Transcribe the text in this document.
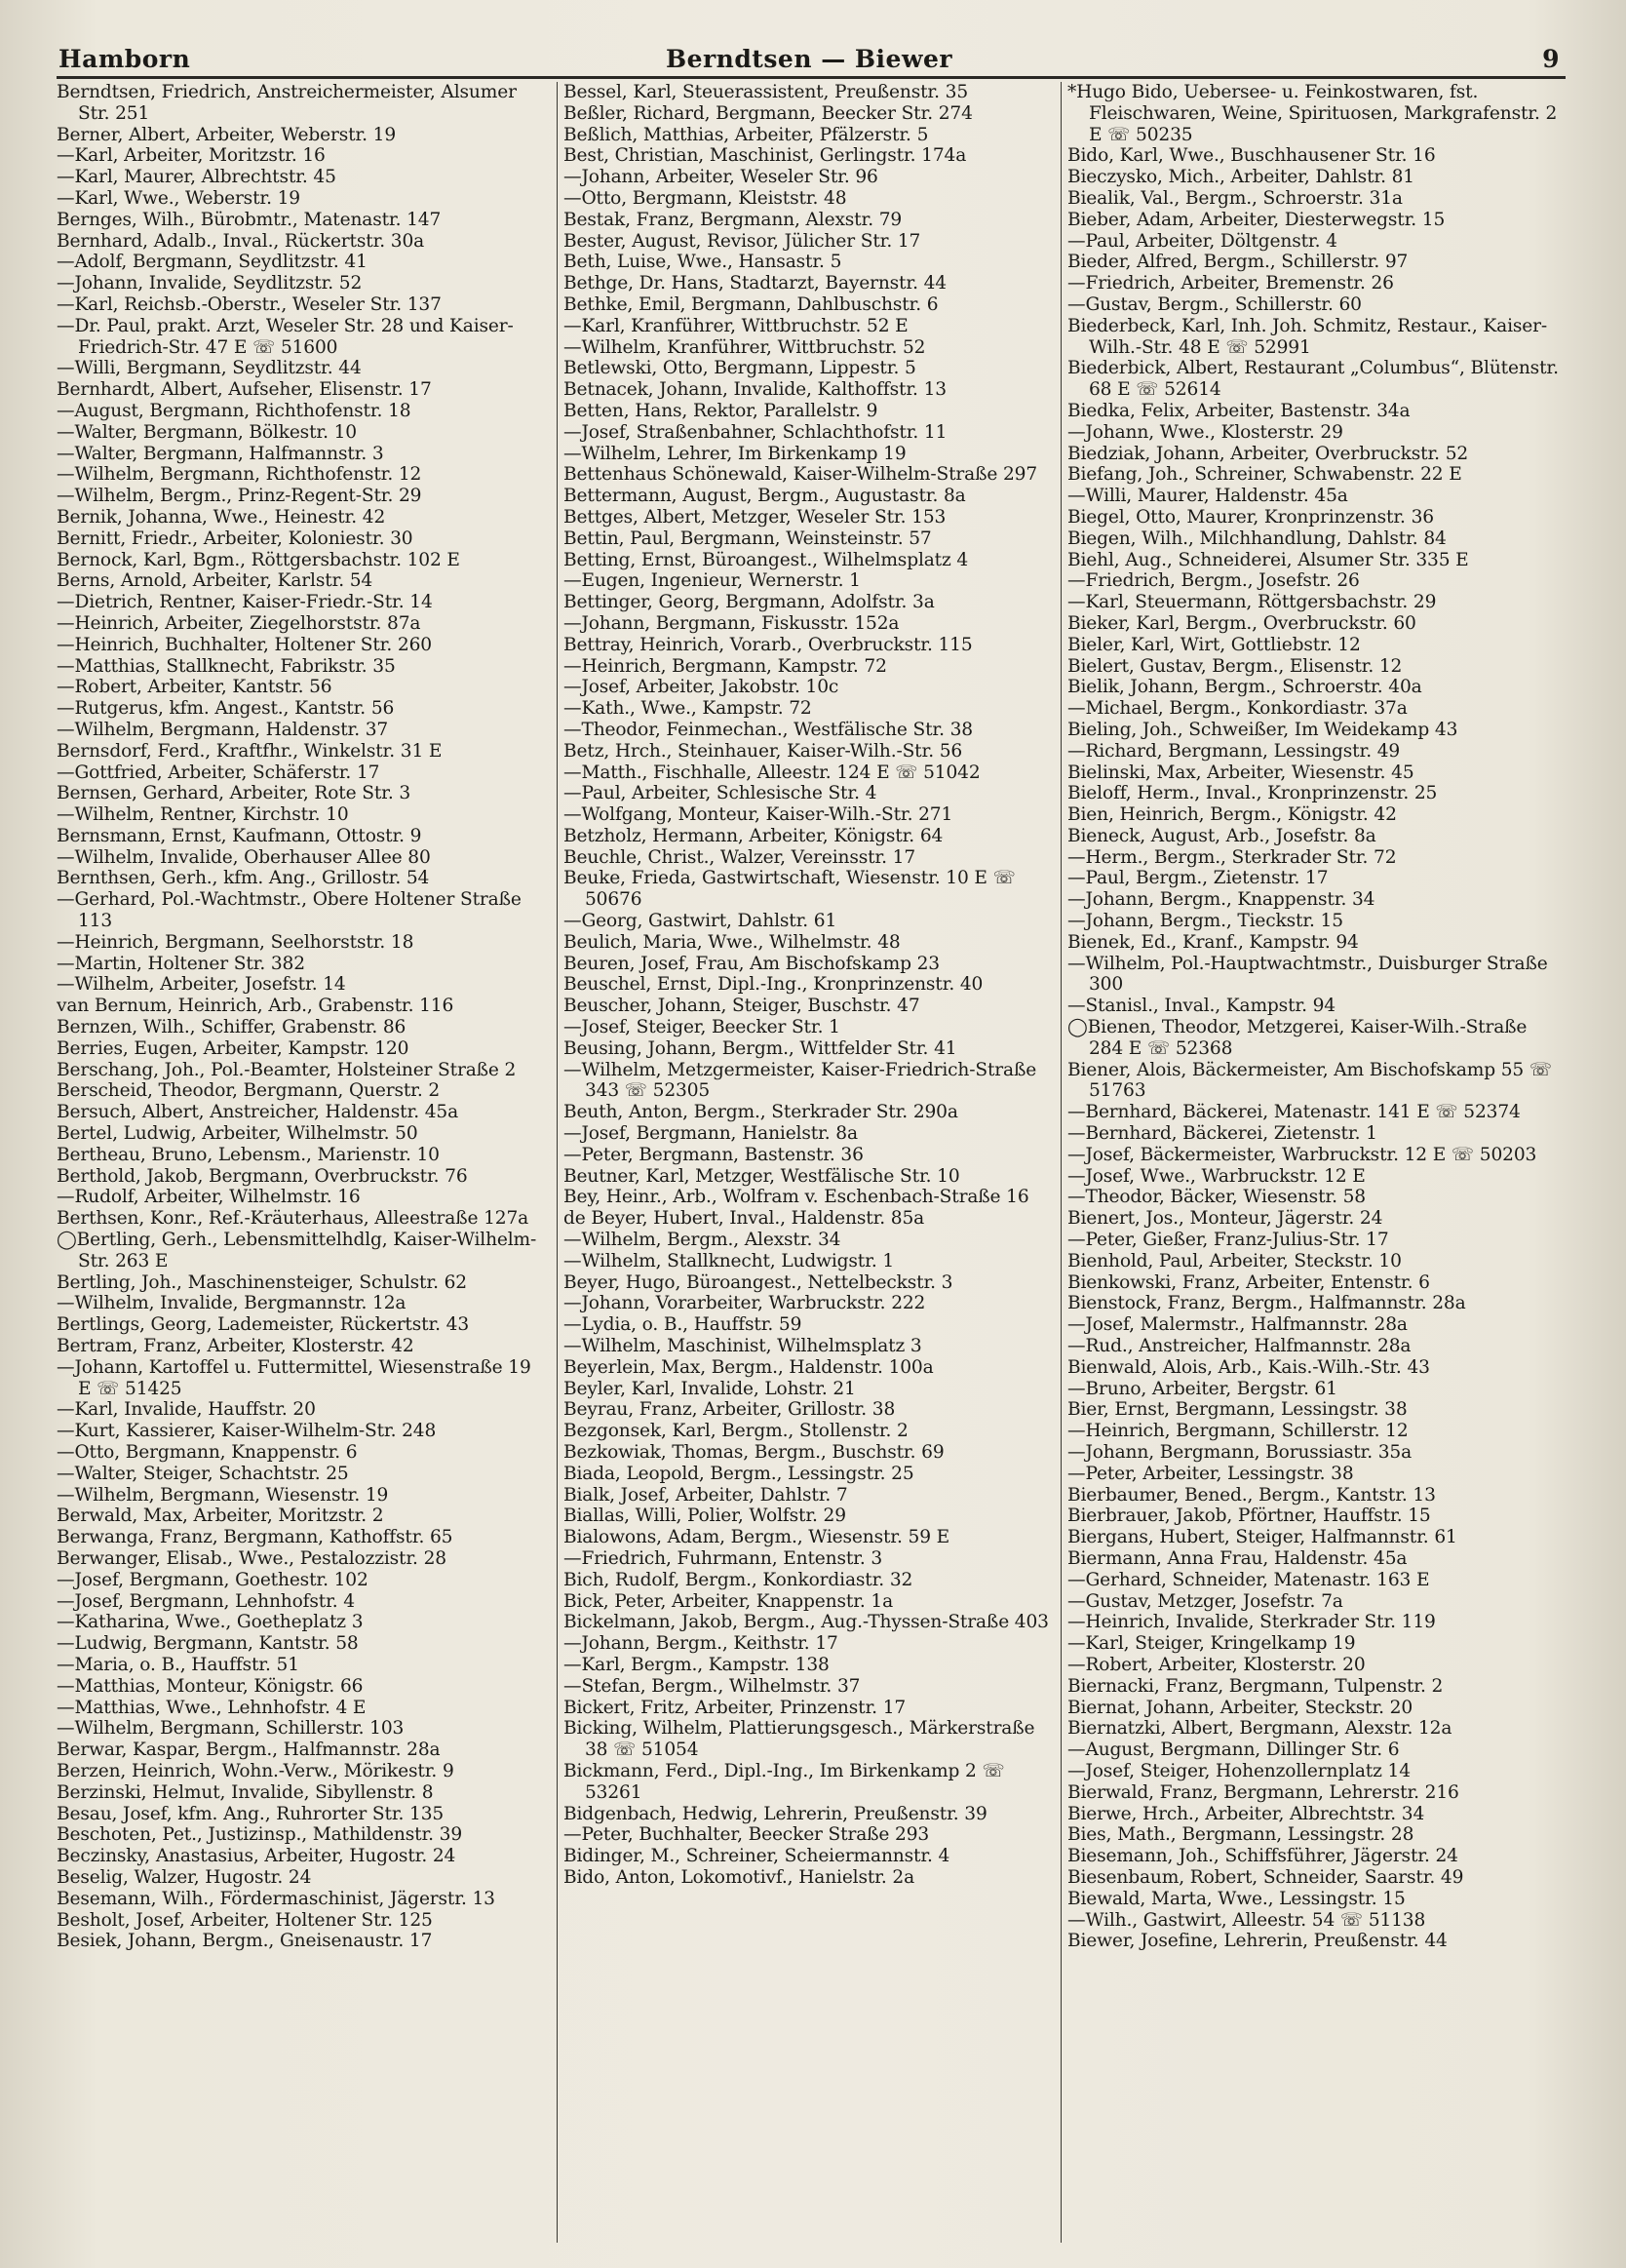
Hamborn	Berndtsen — Biewer	9

Berndtsen, Friedrich, Anstreichermeister, Alsumer Str. 251

Berner, Albert, Arbeiter, Weberstr. 19

—Karl, Arbeiter, Moritzstr. 16

—Karl, Maurer, Albrechtstr. 45

—Karl, Wwe., Weberstr. 19

Bernges, Wilh., Bürobmtr., Matenastr. 147

Bernhard, Adalb., Inval., Rückertstr. 30a

—Adolf, Bergmann, Seydlitzstr. 41

—Johann, Invalide, Seydlitzstr. 52

—Karl, Reichsb.-Oberstr., Weseler Str. 137

—Dr. Paul, prakt. Arzt, Weseler Str. 28 und Kaiser-Friedrich-Str. 47 E ☏ 51600

—Willi, Bergmann, Seydlitzstr. 44

Bernhardt, Albert, Aufseher, Elisenstr. 17

—August, Bergmann, Richthofenstr. 18

—Walter, Bergmann, Bölkestr. 10

—Walter, Bergmann, Halfmannstr. 3

—Wilhelm, Bergmann, Richthofenstr. 12

—Wilhelm, Bergm., Prinz-Regent-Str. 29

Bernik, Johanna, Wwe., Heinestr. 42

Bernitt, Friedr., Arbeiter, Koloniestr. 30

Bernock, Karl, Bgm., Röttgersbachstr. 102 E

Berns, Arnold, Arbeiter, Karlstr. 54

—Dietrich, Rentner, Kaiser-Friedr.-Str. 14

—Heinrich, Arbeiter, Ziegelhorststr. 87a

—Heinrich, Buchhalter, Holtener Str. 260

—Matthias, Stallknecht, Fabrikstr. 35

—Robert, Arbeiter, Kantstr. 56

—Rutgerus, kfm. Angest., Kantstr. 56

—Wilhelm, Bergmann, Haldenstr. 37

Bernsdorf, Ferd., Kraftfhr., Winkelstr. 31 E

—Gottfried, Arbeiter, Schäferstr. 17

Bernsen, Gerhard, Arbeiter, Rote Str. 3

—Wilhelm, Rentner, Kirchstr. 10

Bernsmann, Ernst, Kaufmann, Ottostr. 9

—Wilhelm, Invalide, Oberhauser Allee 80

Bernthsen, Gerh., kfm. Ang., Grillostr. 54

—Gerhard, Pol.-Wachtmstr., Obere Holtener Straße 113

—Heinrich, Bergmann, Seelhorststr. 18

—Martin, Holtener Str. 382

—Wilhelm, Arbeiter, Josefstr. 14

van Bernum, Heinrich, Arb., Grabenstr. 116

Bernzen, Wilh., Schiffer, Grabenstr. 86

Berries, Eugen, Arbeiter, Kampstr. 120

Berschang, Joh., Pol.-Beamter, Holsteiner Straße 2

Berscheid, Theodor, Bergmann, Querstr. 2

Bersuch, Albert, Anstreicher, Haldenstr. 45a

Bertel, Ludwig, Arbeiter, Wilhelmstr. 50

Bertheau, Bruno, Lebensm., Marienstr. 10

Berthold, Jakob, Bergmann, Overbruckstr. 76

—Rudolf, Arbeiter, Wilhelmstr. 16

Berthsen, Konr., Ref.-Kräuterhaus, Alleestraße 127a

◯Bertling, Gerh., Lebensmittelhdlg, Kaiser-Wilhelm-Str. 263 E

Bertling, Joh., Maschinensteiger, Schulstr. 62

—Wilhelm, Invalide, Bergmannstr. 12a

Bertlings, Georg, Lademeister, Rückertstr. 43

Bertram, Franz, Arbeiter, Klosterstr. 42

—Johann, Kartoffel u. Futtermittel, Wiesenstraße 19 E ☏ 51425

—Karl, Invalide, Hauffstr. 20

—Kurt, Kassierer, Kaiser-Wilhelm-Str. 248

—Otto, Bergmann, Knappenstr. 6

—Walter, Steiger, Schachtstr. 25

—Wilhelm, Bergmann, Wiesenstr. 19

Berwald, Max, Arbeiter, Moritzstr. 2

Berwanga, Franz, Bergmann, Kathoffstr. 65

Berwanger, Elisab., Wwe., Pestalozzistr. 28

—Josef, Bergmann, Goethestr. 102

—Josef, Bergmann, Lehnhofstr. 4

—Katharina, Wwe., Goetheplatz 3

—Ludwig, Bergmann, Kantstr. 58

—Maria, o. B., Hauffstr. 51

—Matthias, Monteur, Königstr. 66

—Matthias, Wwe., Lehnhofstr. 4 E

—Wilhelm, Bergmann, Schillerstr. 103

Berwar, Kaspar, Bergm., Halfmannstr. 28a

Berzen, Heinrich, Wohn.-Verw., Mörikestr. 9

Berzinski, Helmut, Invalide, Sibyllenstr. 8

Besau, Josef, kfm. Ang., Ruhrorter Str. 135

Beschoten, Pet., Justizinsp., Mathildenstr. 39

Beczinsky, Anastasius, Arbeiter, Hugostr. 24

Beselig, Walzer, Hugostr. 24

Besemann, Wilh., Fördermaschinist, Jägerstr. 13

Besholt, Josef, Arbeiter, Holtener Str. 125

Besiek, Johann, Bergm., Gneisenaustr. 17

Bessel, Karl, Steuerassistent, Preußenstr. 35

Beßler, Richard, Bergmann, Beecker Str. 274

Beßlich, Matthias, Arbeiter, Pfälzerstr. 5

Best, Christian, Maschinist, Gerlingstr. 174a

—Johann, Arbeiter, Weseler Str. 96

—Otto, Bergmann, Kleiststr. 48

Bestak, Franz, Bergmann, Alexstr. 79

Bester, August, Revisor, Jülicher Str. 17

Beth, Luise, Wwe., Hansastr. 5

Bethge, Dr. Hans, Stadtarzt, Bayernstr. 44

Bethke, Emil, Bergmann, Dahlbuschstr. 6

—Karl, Kranführer, Wittbruchstr. 52 E

—Wilhelm, Kranführer, Wittbruchstr. 52

Betlewski, Otto, Bergmann, Lippestr. 5

Betnacek, Johann, Invalide, Kalthoffstr. 13

Betten, Hans, Rektor, Parallelstr. 9

—Josef, Straßenbahner, Schlachthofstr. 11

—Wilhelm, Lehrer, Im Birkenkamp 19

Bettenhaus Schönewald, Kaiser-Wilhelm-Straße 297

Bettermann, August, Bergm., Augustastr. 8a

Bettges, Albert, Metzger, Weseler Str. 153

Bettin, Paul, Bergmann, Weinsteinstr. 57

Betting, Ernst, Büroangest., Wilhelmsplatz 4

—Eugen, Ingenieur, Wernerstr. 1

Bettinger, Georg, Bergmann, Adolfstr. 3a

—Johann, Bergmann, Fiskusstr. 152a

Bettray, Heinrich, Vorarb., Overbruckstr. 115

—Heinrich, Bergmann, Kampstr. 72

—Josef, Arbeiter, Jakobstr. 10c

—Kath., Wwe., Kampstr. 72

—Theodor, Feinmechan., Westfälische Str. 38

Betz, Hrch., Steinhauer, Kaiser-Wilh.-Str. 56

—Matth., Fischhalle, Alleestr. 124 E ☏ 51042

—Paul, Arbeiter, Schlesische Str. 4

—Wolfgang, Monteur, Kaiser-Wilh.-Str. 271

Betzholz, Hermann, Arbeiter, Königstr. 64

Beuchle, Christ., Walzer, Vereinsstr. 17

Beuke, Frieda, Gastwirtschaft, Wiesenstr. 10 E ☏ 50676

—Georg, Gastwirt, Dahlstr. 61

Beulich, Maria, Wwe., Wilhelmstr. 48

Beuren, Josef, Frau, Am Bischofskamp 23

Beuschel, Ernst, Dipl.-Ing., Kronprinzenstr. 40

Beuscher, Johann, Steiger, Buschstr. 47

—Josef, Steiger, Beecker Str. 1

Beusing, Johann, Bergm., Wittfelder Str. 41

—Wilhelm, Metzgermeister, Kaiser-Friedrich-Straße 343 ☏ 52305

Beuth, Anton, Bergm., Sterkrader Str. 290a

—Josef, Bergmann, Hanielstr. 8a

—Peter, Bergmann, Bastenstr. 36

Beutner, Karl, Metzger, Westfälische Str. 10

Bey, Heinr., Arb., Wolfram v. Eschenbach-Straße 16

de Beyer, Hubert, Inval., Haldenstr. 85a

—Wilhelm, Bergm., Alexstr. 34

—Wilhelm, Stallknecht, Ludwigstr. 1

Beyer, Hugo, Büroangest., Nettelbeckstr. 3

—Johann, Vorarbeiter, Warbruckstr. 222

—Lydia, o. B., Hauffstr. 59

—Wilhelm, Maschinist, Wilhelmsplatz 3

Beyerlein, Max, Bergm., Haldenstr. 100a

Beyler, Karl, Invalide, Lohstr. 21

Beyrau, Franz, Arbeiter, Grillostr. 38

Bezgonsek, Karl, Bergm., Stollenstr. 2

Bezkowiak, Thomas, Bergm., Buschstr. 69

Biada, Leopold, Bergm., Lessingstr. 25

Bialk, Josef, Arbeiter, Dahlstr. 7

Biallas, Willi, Polier, Wolfstr. 29

Bialowons, Adam, Bergm., Wiesenstr. 59 E

—Friedrich, Fuhrmann, Entenstr. 3

Bich, Rudolf, Bergm., Konkordiastr. 32

Bick, Peter, Arbeiter, Knappenstr. 1a

Bickelmann, Jakob, Bergm., Aug.-Thyssen-Straße 403

—Johann, Bergm., Keithstr. 17

—Karl, Bergm., Kampstr. 138

—Stefan, Bergm., Wilhelmstr. 37

Bickert, Fritz, Arbeiter, Prinzenstr. 17

Bicking, Wilhelm, Plattierungsgesch., Märkerstraße 38 ☏ 51054

Bickmann, Ferd., Dipl.-Ing., Im Birkenkamp 2 ☏ 53261

Bidgenbach, Hedwig, Lehrerin, Preußenstr. 39

—Peter, Buchhalter, Beecker Straße 293

Bidinger, M., Schreiner, Scheiermannstr. 4

Bido, Anton, Lokomotivf., Hanielstr. 2a

*Hugo Bido, Uebersee- u. Feinkostwaren, fst. Fleischwaren, Weine, Spirituosen, Markgrafenstr. 2 E ☏ 50235

Bido, Karl, Wwe., Buschhausener Str. 16

Bieczysko, Mich., Arbeiter, Dahlstr. 81

Biealik, Val., Bergm., Schroerstr. 31a

Bieber, Adam, Arbeiter, Diesterwegstr. 15

—Paul, Arbeiter, Döltgenstr. 4

Bieder, Alfred, Bergm., Schillerstr. 97

—Friedrich, Arbeiter, Bremenstr. 26

—Gustav, Bergm., Schillerstr. 60

Biederbeck, Karl, Inh. Joh. Schmitz, Restaur., Kaiser-Wilh.-Str. 48 E ☏ 52991

Biederbick, Albert, Restaurant „Columbus“, Blütenstr. 68 E ☏ 52614

Biedka, Felix, Arbeiter, Bastenstr. 34a

—Johann, Wwe., Klosterstr. 29

Biedziak, Johann, Arbeiter, Overbruckstr. 52

Biefang, Joh., Schreiner, Schwabenstr. 22 E

—Willi, Maurer, Haldenstr. 45a

Biegel, Otto, Maurer, Kronprinzenstr. 36

Biegen, Wilh., Milchhandlung, Dahlstr. 84

Biehl, Aug., Schneiderei, Alsumer Str. 335 E

—Friedrich, Bergm., Josefstr. 26

—Karl, Steuermann, Röttgersbachstr. 29

Bieker, Karl, Bergm., Overbruckstr. 60

Bieler, Karl, Wirt, Gottliebstr. 12

Bielert, Gustav, Bergm., Elisenstr. 12

Bielik, Johann, Bergm., Schroerstr. 40a

—Michael, Bergm., Konkordiastr. 37a

Bieling, Joh., Schweißer, Im Weidekamp 43

—Richard, Bergmann, Lessingstr. 49

Bielinski, Max, Arbeiter, Wiesenstr. 45

Bieloff, Herm., Inval., Kronprinzenstr. 25

Bien, Heinrich, Bergm., Königstr. 42

Bieneck, August, Arb., Josefstr. 8a

—Herm., Bergm., Sterkrader Str. 72

—Paul, Bergm., Zietenstr. 17

—Johann, Bergm., Knappenstr. 34

—Johann, Bergm., Tieckstr. 15

Bienek, Ed., Kranf., Kampstr. 94

—Wilhelm, Pol.-Hauptwachtmstr., Duisburger Straße 300

—Stanisl., Inval., Kampstr. 94

◯Bienen, Theodor, Metzgerei, Kaiser-Wilh.-Straße 284 E ☏ 52368

Biener, Alois, Bäckermeister, Am Bischofskamp 55 ☏ 51763

—Bernhard, Bäckerei, Matenastr. 141 E ☏ 52374

—Bernhard, Bäckerei, Zietenstr. 1

—Josef, Bäckermeister, Warbruckstr. 12 E ☏ 50203

—Josef, Wwe., Warbruckstr. 12 E

—Theodor, Bäcker, Wiesenstr. 58

Bienert, Jos., Monteur, Jägerstr. 24

—Peter, Gießer, Franz-Julius-Str. 17

Bienhold, Paul, Arbeiter, Steckstr. 10

Bienkowski, Franz, Arbeiter, Entenstr. 6

Bienstock, Franz, Bergm., Halfmannstr. 28a

—Josef, Malermstr., Halfmannstr. 28a

—Rud., Anstreicher, Halfmannstr. 28a

Bienwald, Alois, Arb., Kais.-Wilh.-Str. 43

—Bruno, Arbeiter, Bergstr. 61

Bier, Ernst, Bergmann, Lessingstr. 38

—Heinrich, Bergmann, Schillerstr. 12

—Johann, Bergmann, Borussiastr. 35a

—Peter, Arbeiter, Lessingstr. 38

Bierbaumer, Bened., Bergm., Kantstr. 13

Bierbrauer, Jakob, Pförtner, Hauffstr. 15

Biergans, Hubert, Steiger, Halfmannstr. 61

Biermann, Anna Frau, Haldenstr. 45a

—Gerhard, Schneider, Matenastr. 163 E

—Gustav, Metzger, Josefstr. 7a

—Heinrich, Invalide, Sterkrader Str. 119

—Karl, Steiger, Kringelkamp 19

—Robert, Arbeiter, Klosterstr. 20

Biernacki, Franz, Bergmann, Tulpenstr. 2

Biernat, Johann, Arbeiter, Steckstr. 20

Biernatzki, Albert, Bergmann, Alexstr. 12a

—August, Bergmann, Dillinger Str. 6

—Josef, Steiger, Hohenzollernplatz 14

Bierwald, Franz, Bergmann, Lehrerstr. 216

Bierwe, Hrch., Arbeiter, Albrechtstr. 34

Bies, Math., Bergmann, Lessingstr. 28

Biesemann, Joh., Schiffsführer, Jägerstr. 24

Biesenbaum, Robert, Schneider, Saarstr. 49

Biewald, Marta, Wwe., Lessingstr. 15

—Wilh., Gastwirt, Alleestr. 54 ☏ 51138

Biewer, Josefine, Lehrerin, Preußenstr. 44
